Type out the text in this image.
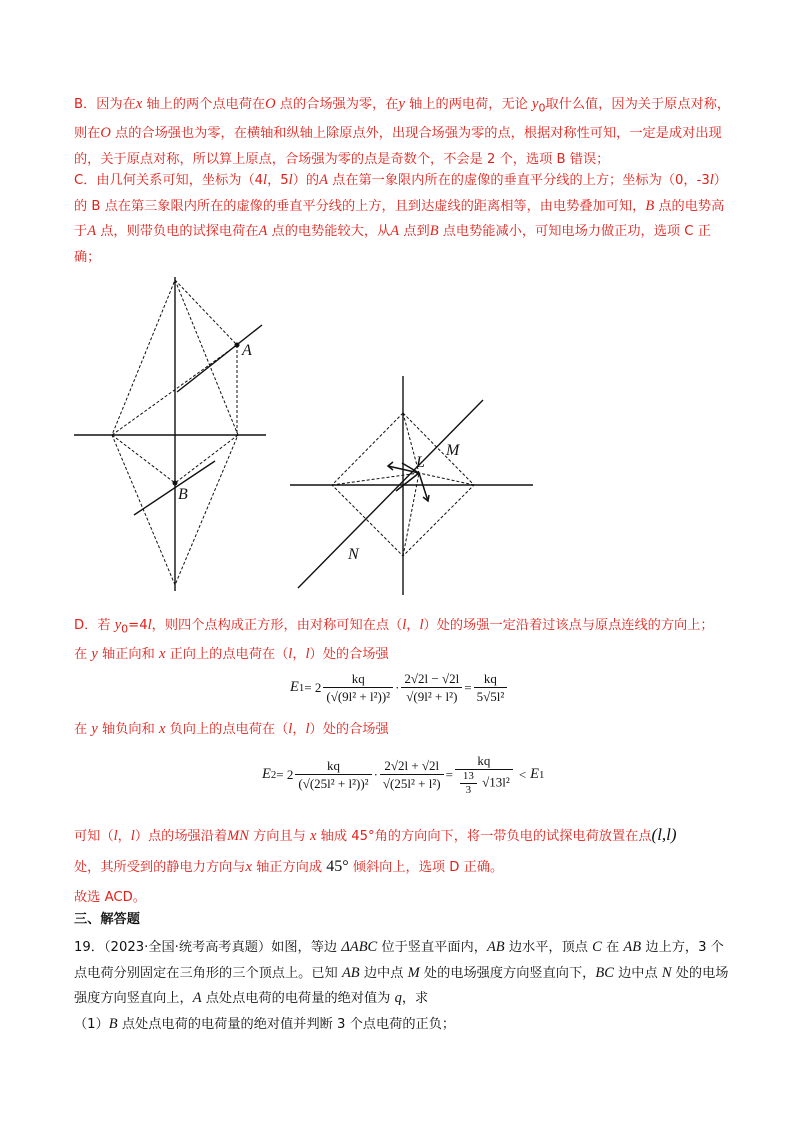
B．因为在x 轴上的两个点电荷在O 点的合场强为零，在y 轴上的两电荷，无论 $y_0$取什么值，因为关于原点对称，则在O 点的合场强也为零，在横轴和纵轴上除原点外，出现合场强为零的点，根据对称性可知，一定是成对出现的，关于原点对称，所以算上原点，合场强为零的点是奇数个，不会是 2 个，选项 B 错误；
C．由几何关系可知，坐标为（4l，5l）的A 点在第一象限内所在的虚像的垂直平分线的上方；坐标为（0，-3l）的 B 点在第三象限内所在的虚像的垂直平分线的上方，且到达虚线的距离相等，由电势叠加可知，B 点的电势高于A 点，则带负电的试探电荷在A 点的电势能较大，从A 点到B 点电势能减小，可知电场力做正功，选项 C 正确；
A
B
M
L
N
D．若 $y_0=4l$，则四个点构成正方形，由对称可知在点（l，l）处的场强一定沿着过该点与原点连线的方向上；
在 y 轴正向和 x 正向上的点电荷在（l，l）处的合场强
E $1 = 2 \frac{kq}{\text{(√(9l² + l²))²}} \cdot \frac{2√2l - √2l}{\text{√(9l² + l²)}} = \frac{kq}{\text{5√5l²}}$
在 y 轴负向和 x 负向上的点电荷在（l，l）处的合场强
E $2 = 2 \frac{kq}{\text{(√(25l² + l²))²}} \cdot \frac{2√2l + √2l}{\text{√(25l² + l²)}} = \frac{kq}{\frac{13}{3} √13l^2} < E$ 1
可知（l，l）点的场强沿着MN 方向且与 x 轴成 45°角的方向向下，将一带负电的试探电荷放置在点(l,l)
处，其所受到的静电力方向与x 轴正方向成 45° 倾斜向上，选项 D 正确。
故选 ACD。
三、解答题
19．（2023·全国·统考高考真题）如图，等边 ΔABC 位于竖直平面内，AB 边水平，顶点 C 在 AB 边上方，3 个点电荷分别固定在三角形的三个顶点上。已知 AB 边中点 M 处的电场强度方向竖直向下，BC 边中点 N 处的电场强度方向竖直向上，A 点处点电荷的电荷量的绝对值为 q，求
（1）B 点处点电荷的电荷量的绝对值并判断 3 个点电荷的正负；
